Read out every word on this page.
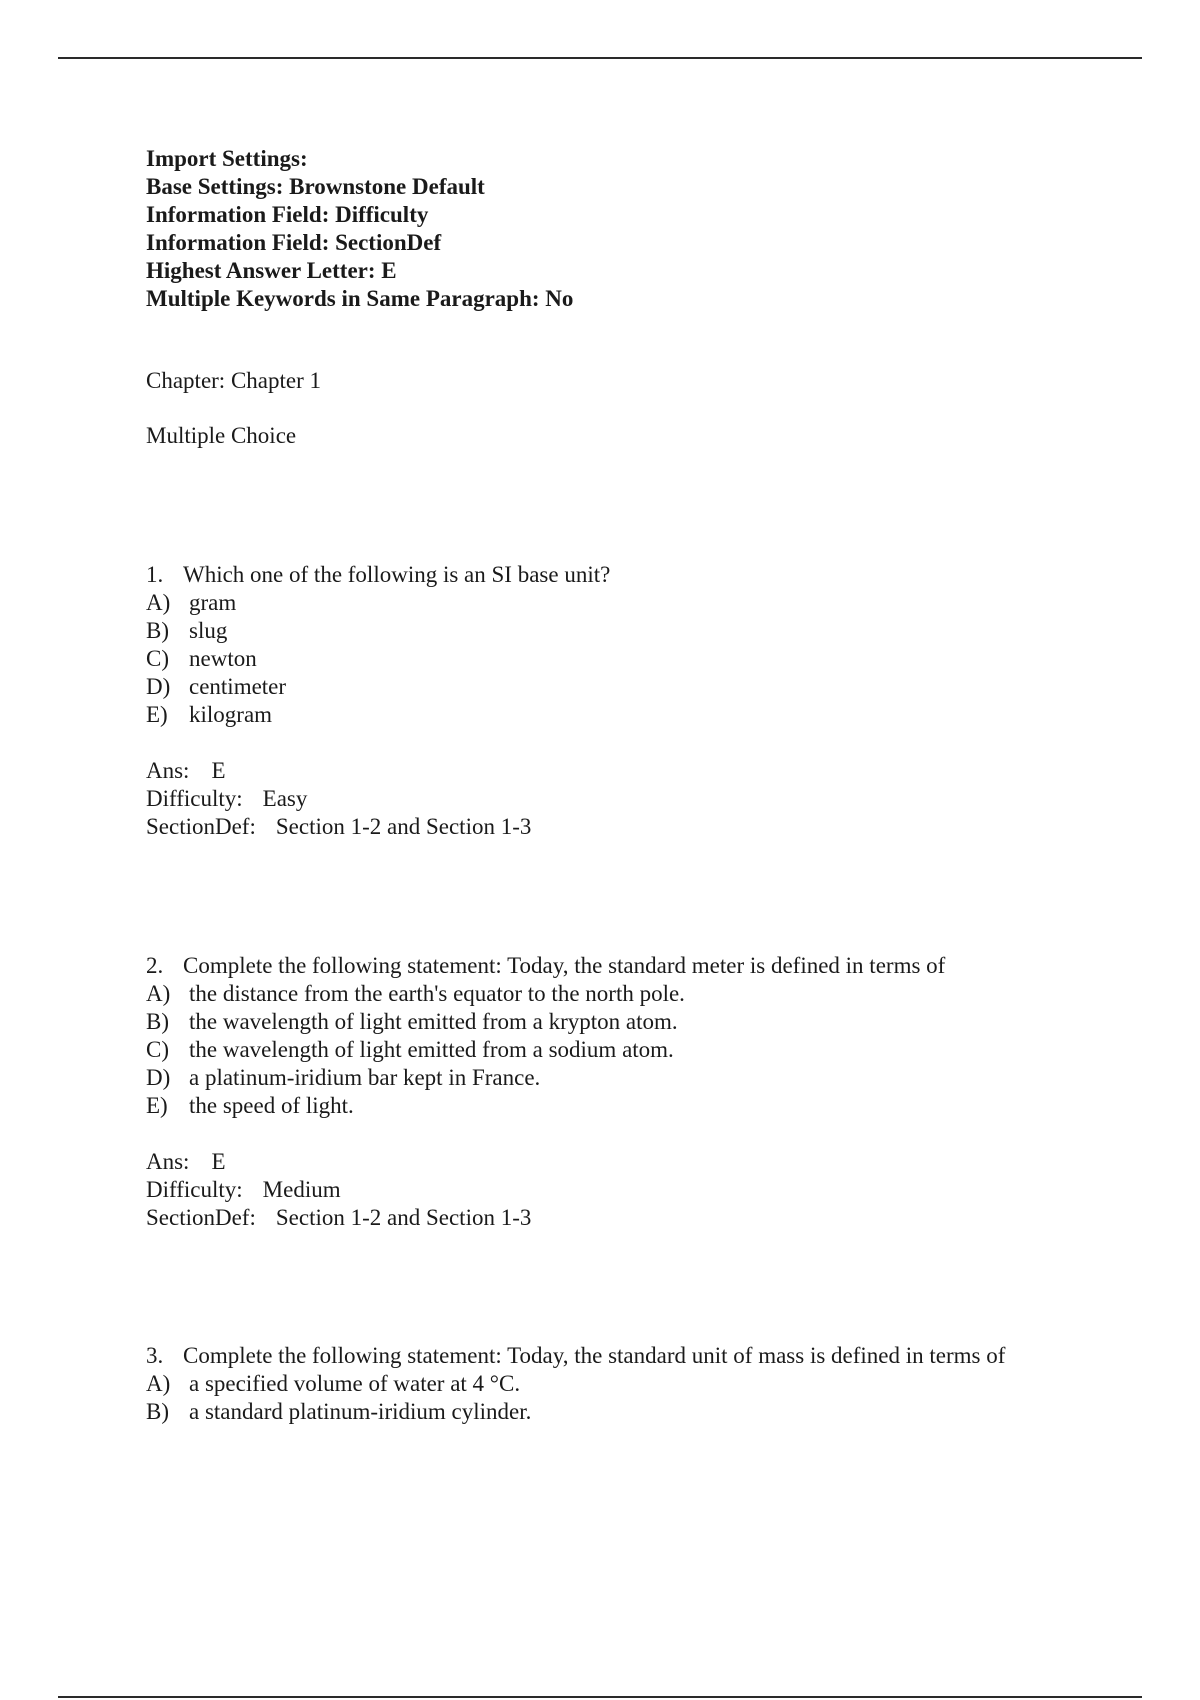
Import Settings:
Base Settings: Brownstone Default
Information Field: Difficulty
Information Field: SectionDef
Highest Answer Letter: E
Multiple Keywords in Same Paragraph: No
Chapter: Chapter 1
Multiple Choice
1. Which one of the following is an SI base unit?
A) gram
B) slug
C) newton
D) centimeter
E) kilogram
Ans: E
Difficulty: Easy
SectionDef: Section 1-2 and Section 1-3
2. Complete the following statement: Today, the standard meter is defined in terms of
A) the distance from the earth's equator to the north pole.
B) the wavelength of light emitted from a krypton atom.
C) the wavelength of light emitted from a sodium atom.
D) a platinum-iridium bar kept in France.
E) the speed of light.
Ans: E
Difficulty: Medium
SectionDef: Section 1-2 and Section 1-3
3. Complete the following statement: Today, the standard unit of mass is defined in terms of
A) a specified volume of water at 4 °C.
B) a standard platinum-iridium cylinder.
